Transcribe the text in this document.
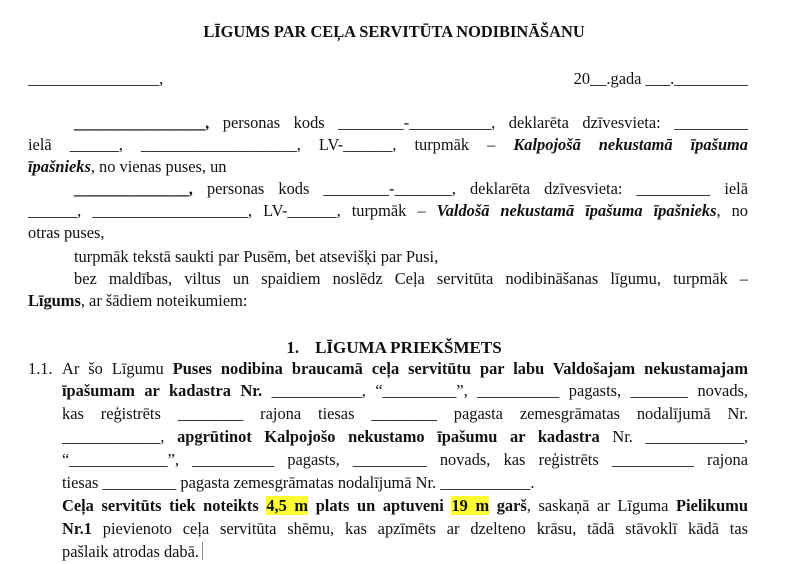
LĪGUMS PAR CEĻA SERVITŪTA NODIBINĀŠANU
________________,	20__.gada ___._________
________________, personas kods ________-__________, deklarēta dzīvesvieta: _________
ielā ______, ___________________, LV-______, turpmāk – Kalpojošā nekustamā īpašuma
īpašnieks, no vienas puses, un
______________, personas kods ________-_______, deklarēta dzīvesvieta: _________ ielā
______, ___________________, LV-______, turpmāk – Valdošā nekustamā īpašuma īpašnieks, no
otras puses,
turpmāk tekstā saukti par Pusēm, bet atsevišķi par Pusi,
bez maldības, viltus un spaidiem noslēdz Ceļa servitūta nodibināšanas līgumu, turpmāk –
Līgums, ar šādiem noteikumiem:
1. LĪGUMA PRIEKŠMETS
1.1. Ar šo Līgumu Puses nodibina braucamā ceļa servitūtu par labu Valdošajam nekustamajam
īpašumam ar kadastra Nr. ___________, “_________”, __________ pagasts, _______ novads,
kas reģistrēts ________ rajona tiesas ________ pagasta zemesgrāmatas nodalījumā Nr.
____________, apgrūtinot Kalpojošo nekustamo īpašumu ar kadastra Nr. ____________,
“____________”, __________ pagasts, _________ novads, kas reģistrēts __________ rajona
tiesas _________ pagasta zemesgrāmatas nodalījumā Nr. ___________.
Ceļa servitūts tiek noteikts 4,5 m plats un aptuveni 19 m garš, saskaņā ar Līguma Pielikumu
Nr.1 pievienoto ceļa servitūta shēmu, kas apzīmēts ar dzelteno krāsu, tādā stāvoklī kādā tas
pašlaik atrodas dabā.
